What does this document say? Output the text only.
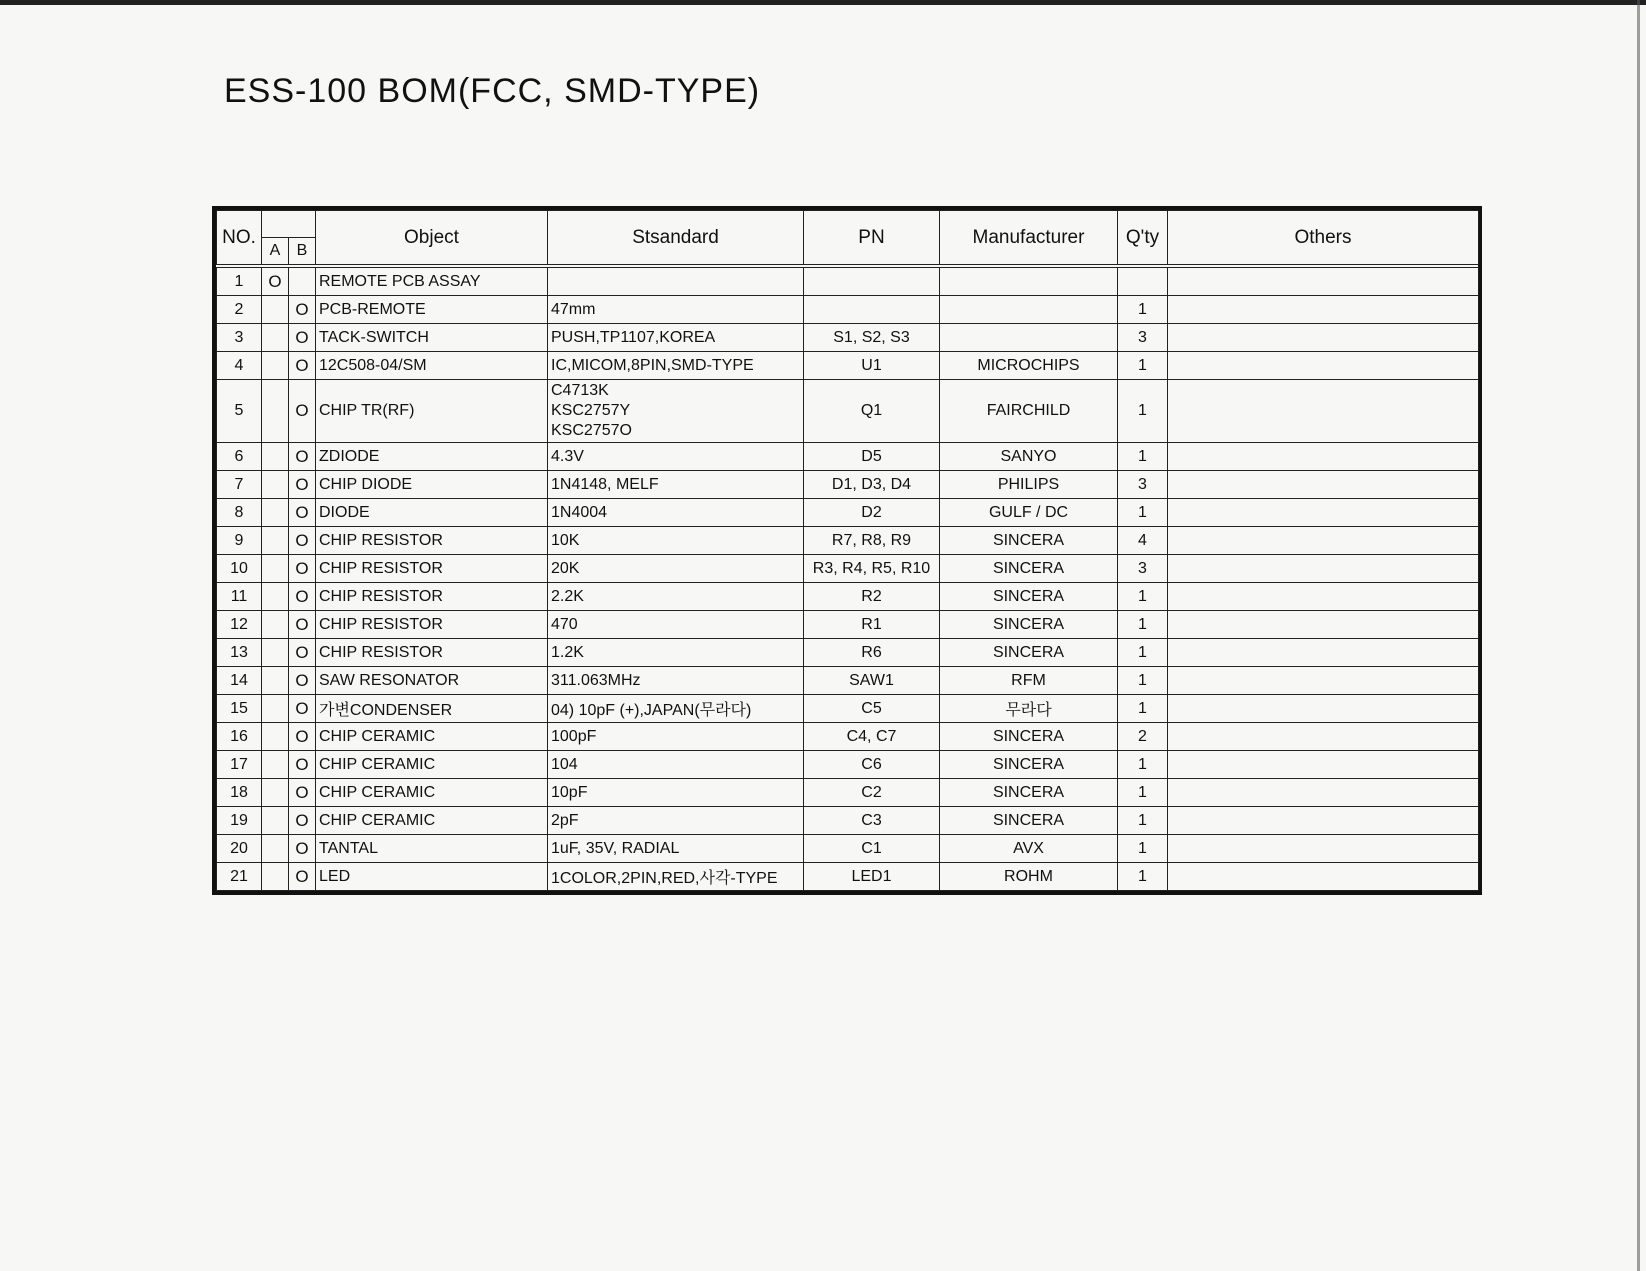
ESS-100 BOM(FCC, SMD-TYPE)
NO.			Object	Stsandard	PN	Manufacturer	Q'ty	Others
	A	B						
1	O		REMOTE PCB ASSAY					
2		O	PCB-REMOTE	47mm			1	
3		O	TACK-SWITCH	PUSH,TP1107,KOREA	S1, S2, S3		3	
4		O	12C508-04/SM	IC,MICOM,8PIN,SMD-TYPE	U1	MICROCHIPS	1	
5		O	CHIP TR(RF)	C4713K
KSC2757Y
KSC2757O	Q1	FAIRCHILD	1	
6		O	ZDIODE	4.3V	D5	SANYO	1	
7		O	CHIP DIODE	1N4148, MELF	D1, D3, D4	PHILIPS	3	
8		O	DIODE	1N4004	D2	GULF / DC	1	
9		O	CHIP RESISTOR	10K	R7, R8, R9	SINCERA	4	
10		O	CHIP RESISTOR	20K	R3, R4, R5, R10	SINCERA	3	
11		O	CHIP RESISTOR	2.2K	R2	SINCERA	1	
12		O	CHIP RESISTOR	470	R1	SINCERA	1	
13		O	CHIP RESISTOR	1.2K	R6	SINCERA	1	
14		O	SAW RESONATOR	311.063MHz	SAW1	RFM	1	
15		O	가변CONDENSER	04) 10pF (+),JAPAN(무라다)	C5	무라다	1	
16		O	CHIP CERAMIC	100pF	C4, C7	SINCERA	2	
17		O	CHIP CERAMIC	104	C6	SINCERA	1	
18		O	CHIP CERAMIC	10pF	C2	SINCERA	1	
19		O	CHIP CERAMIC	2pF	C3	SINCERA	1	
20		O	TANTAL	1uF, 35V, RADIAL	C1	AVX	1	
21		O	LED	1COLOR,2PIN,RED,사각-TYPE	LED1	ROHM	1	
